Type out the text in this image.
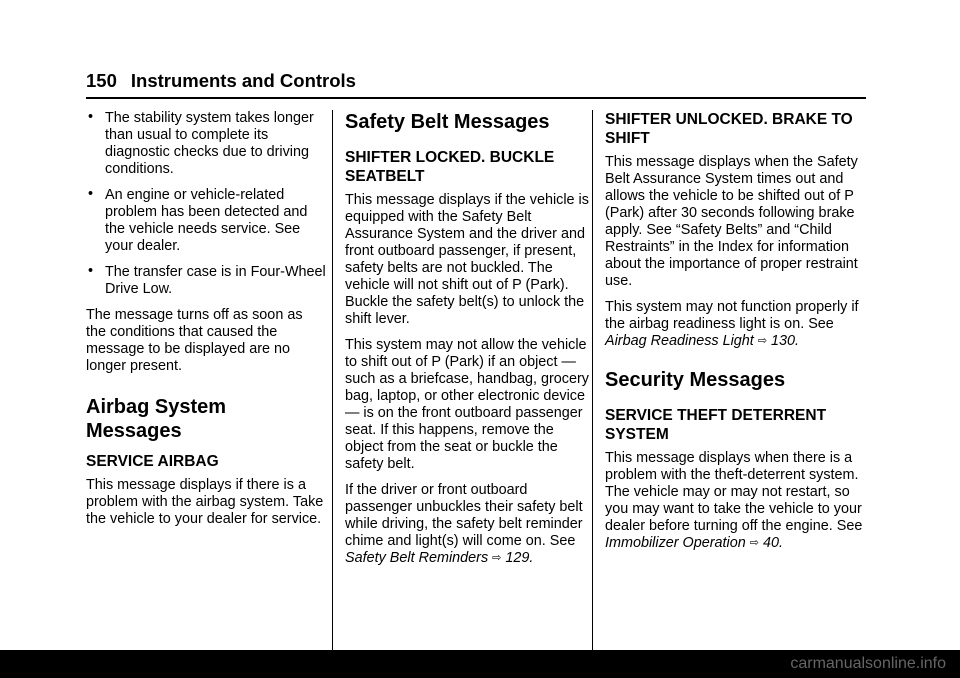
150 Instruments and Controls
• The stability system takes longer than usual to complete its diagnostic checks due to driving conditions.
• An engine or vehicle-related problem has been detected and the vehicle needs service. See your dealer.
• The transfer case is in Four-Wheel Drive Low.

The message turns off as soon as the conditions that caused the message to be displayed are no longer present.

Airbag System Messages
SERVICE AIRBAG

This message displays if there is a problem with the airbag system. Take the vehicle to your dealer for service.

Safety Belt Messages
SHIFTER LOCKED. BUCKLE SEATBELT

This message displays if the vehicle is equipped with the Safety Belt Assurance System and the driver and front outboard passenger, if present, safety belts are not buckled. The vehicle will not shift out of P (Park). Buckle the safety belt(s) to unlock the shift lever.

This system may not allow the vehicle to shift out of P (Park) if an object — such as a briefcase, handbag, grocery bag, laptop, or other electronic device — is on the front outboard passenger seat. If this happens, remove the object from the seat or buckle the safety belt.

If the driver or front outboard passenger unbuckles their safety belt while driving, the safety belt reminder chime and light(s) will come on. See Safety Belt Reminders ⇨ 129.

SHIFTER UNLOCKED. BRAKE TO SHIFT

This message displays when the Safety Belt Assurance System times out and allows the vehicle to be shifted out of P (Park) after 30 seconds following brake apply. See “Safety Belts” and “Child Restraints” in the Index for information about the importance of proper restraint use.

This system may not function properly if the airbag readiness light is on. See Airbag Readiness Light ⇨ 130.

Security Messages
SERVICE THEFT DETERRENT SYSTEM

This message displays when there is a problem with the theft-deterrent system. The vehicle may or may not restart, so you may want to take the vehicle to your dealer before turning off the engine. See Immobilizer Operation ⇨ 40.

carmanualsonline.info
